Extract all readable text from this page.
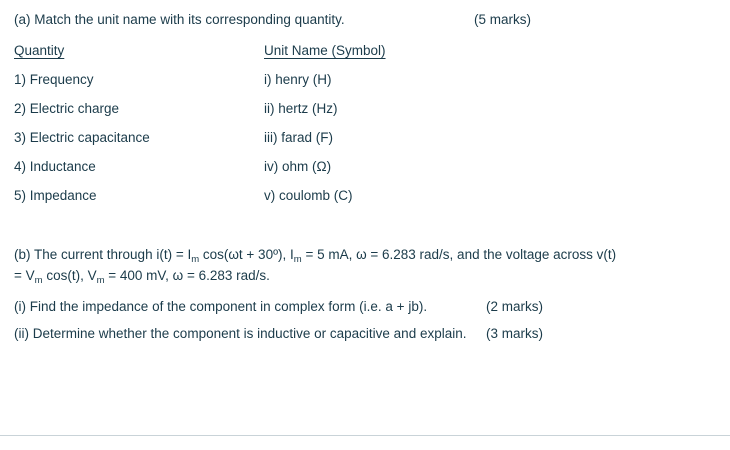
(a) Match the unit name with its corresponding quantity.	(5 marks)
Quantity	Unit Name (Symbol)
1) Frequency	i) henry (H)
2) Electric charge	ii) hertz (Hz)
3) Electric capacitance	iii) farad (F)
4) Inductance	iv) ohm (Ω)
5) Impedance	v) coulomb (C)
(b) The current through $i(t) = I_m$ cos(ωt + 30º), $I_m = 5$ mA, ω = 6.283 rad/s, and the voltage across v(t)
= $V_m$ cos(t), $V_m = 400$ mV, ω = 6.283 rad/s.
(i) Find the impedance of the component in complex form (i.e. a + jb).	(2 marks)
(ii) Determine whether the component is inductive or capacitive and explain.	(3 marks)
